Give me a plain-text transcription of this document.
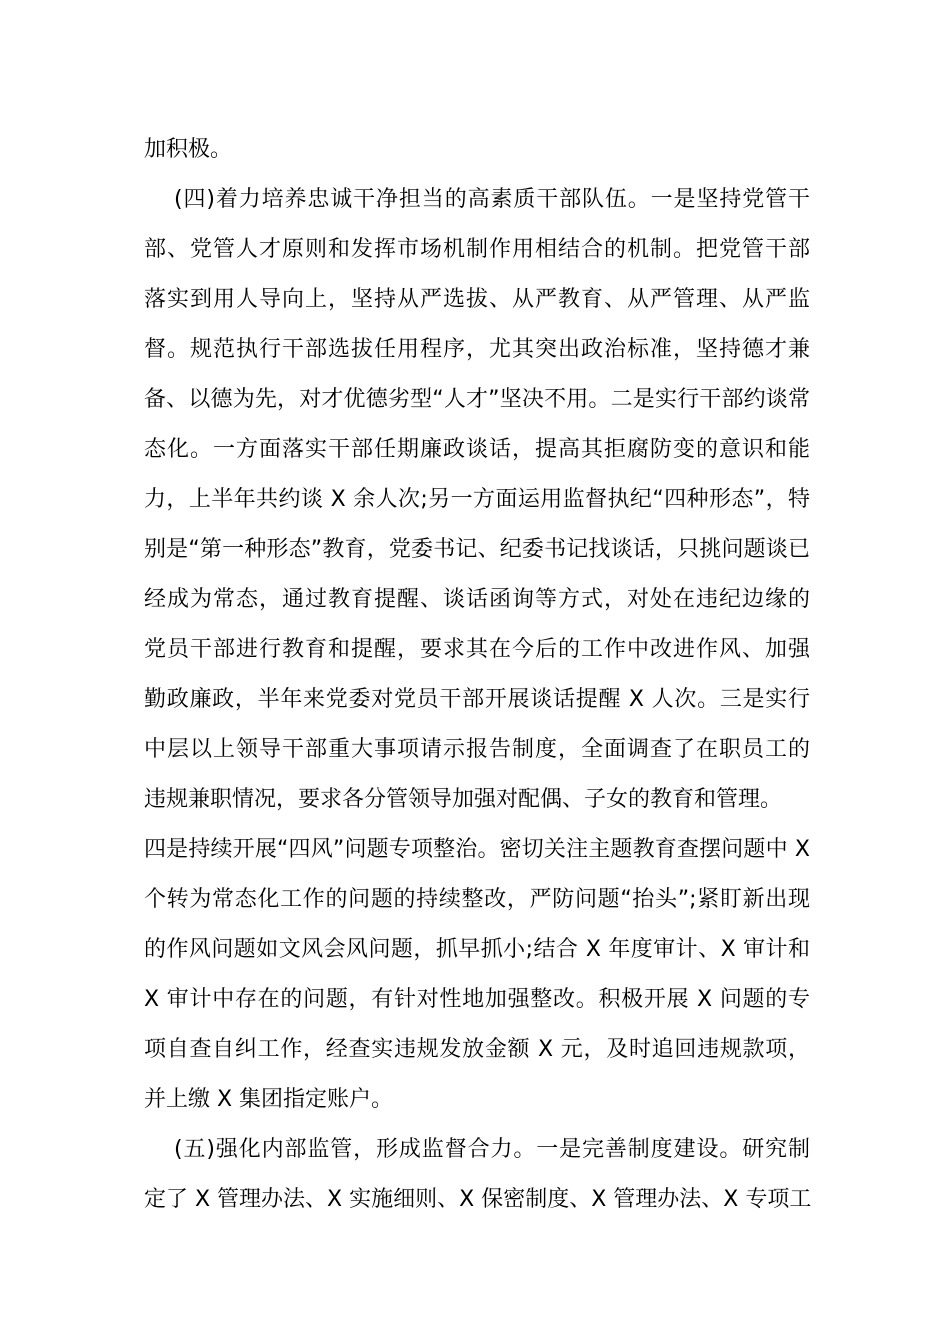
加积极。
(四)着力培养忠诚干净担当的高素质干部队伍。一是坚持党管干
部、党管人才原则和发挥市场机制作用相结合的机制。把党管干部
落实到用人导向上，坚持从严选拔、从严教育、从严管理、从严监
督。规范执行干部选拔任用程序，尤其突出政治标准，坚持德才兼
备、以德为先，对才优德劣型“人才”坚决不用。二是实行干部约谈常
态化。一方面落实干部任期廉政谈话，提高其拒腐防变的意识和能
力，上半年共约谈 X 余人次;另一方面运用监督执纪“四种形态”，特
别是“第一种形态”教育，党委书记、纪委书记找谈话，只挑问题谈已
经成为常态，通过教育提醒、谈话函询等方式，对处在违纪边缘的
党员干部进行教育和提醒，要求其在今后的工作中改进作风、加强
勤政廉政，半年来党委对党员干部开展谈话提醒 X 人次。三是实行
中层以上领导干部重大事项请示报告制度，全面调查了在职员工的
违规兼职情况，要求各分管领导加强对配偶、子女的教育和管理。
四是持续开展“四风”问题专项整治。密切关注主题教育查摆问题中 X
个转为常态化工作的问题的持续整改，严防问题“抬头”;紧盯新出现
的作风问题如文风会风问题，抓早抓小;结合 X 年度审计、X 审计和
X 审计中存在的问题，有针对性地加强整改。积极开展 X 问题的专
项自查自纠工作，经查实违规发放金额 X 元，及时追回违规款项，
并上缴 X 集团指定账户。
(五)强化内部监管，形成监督合力。一是完善制度建设。研究制
定了 X 管理办法、X 实施细则、X 保密制度、X 管理办法、X 专项工
